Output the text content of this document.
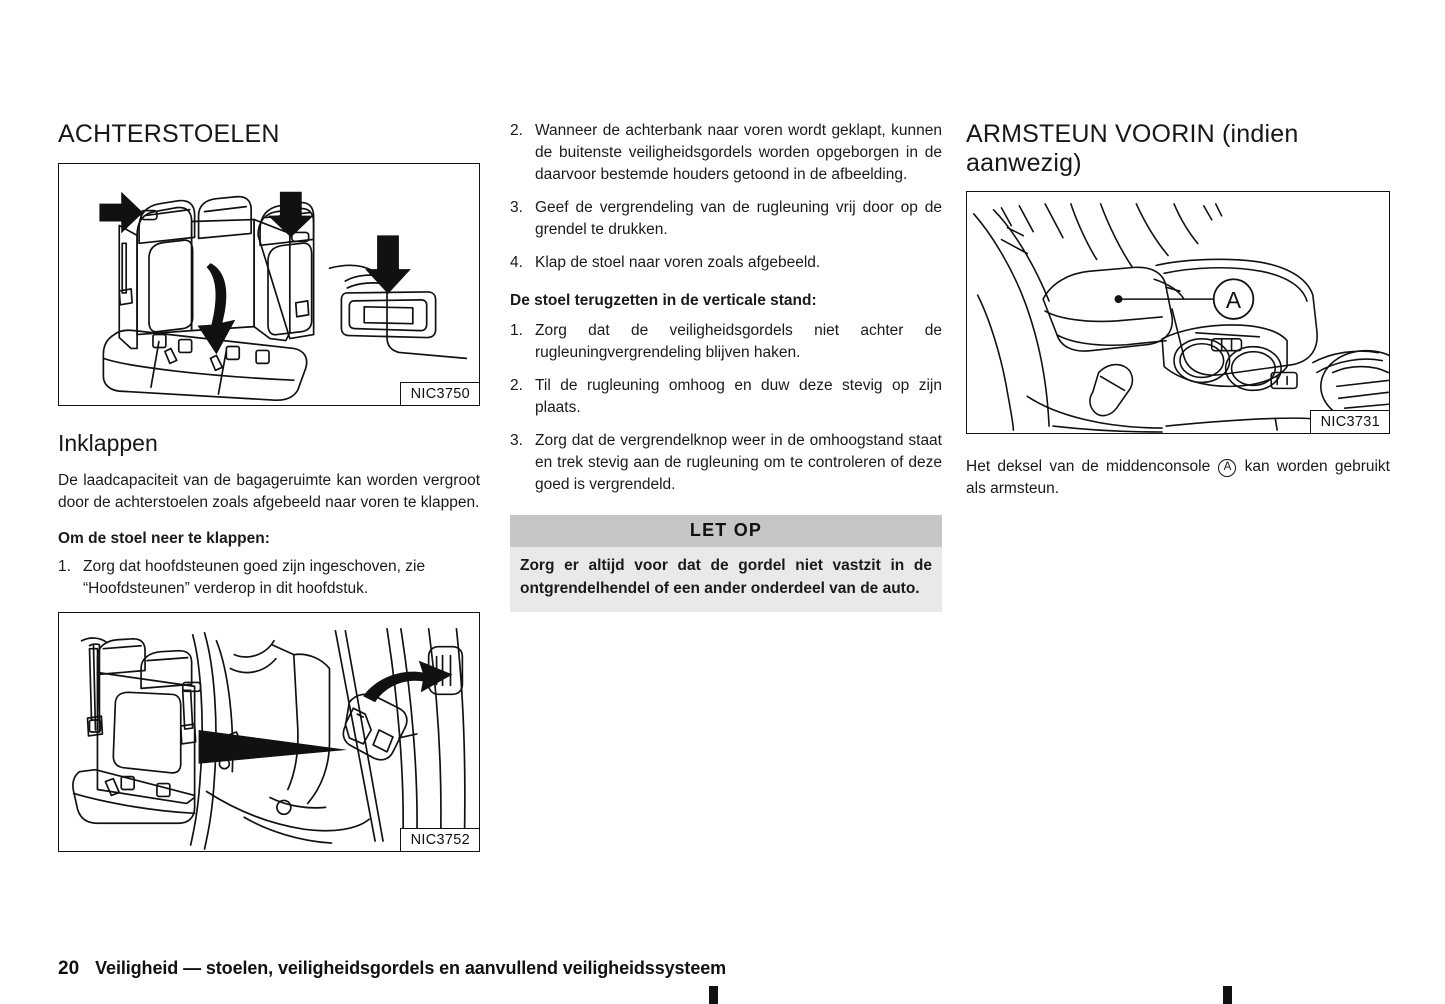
ACHTERSTOELEN
NIC3750
Inklappen

De laadcapaciteit van de bagageruimte kan worden vergroot door de achterstoelen zoals afgebeeld naar voren te klappen.

Om de stoel neer te klappen:
1. Zorg dat hoofdsteunen goed zijn ingeschoven, zie “Hoofdsteunen” verderop in dit hoofdstuk.
NIC3752
2. Wanneer de achterbank naar voren wordt geklapt, kunnen de buitenste veiligheidsgordels worden opgeborgen in de daarvoor bestemde houders getoond in de afbeelding.
3. Geef de vergrendeling van de rugleuning vrij door op de grendel te drukken.
4. Klap de stoel naar voren zoals afgebeeld.
De stoel terugzetten in de verticale stand:
1. Zorg dat de veiligheidsgordels niet achter de rugleuningvergrendeling blijven haken.
2. Til de rugleuning omhoog en duw deze stevig op zijn plaats.
3. Zorg dat de vergrendelknop weer in de omhoogstand staat en trek stevig aan de rugleuning om te controleren of deze goed is vergrendeld.
LET OP
Zorg er altijd voor dat de gordel niet vastzit in de ontgrendelhendel of een ander onderdeel van de auto.
ARMSTEUN VOORIN (indien aanwezig)
A
NIC3731

Het deksel van de middenconsole A kan worden gebruikt als armsteun.

20 Veiligheid — stoelen, veiligheidsgordels en aanvullend veiligheidssysteem
